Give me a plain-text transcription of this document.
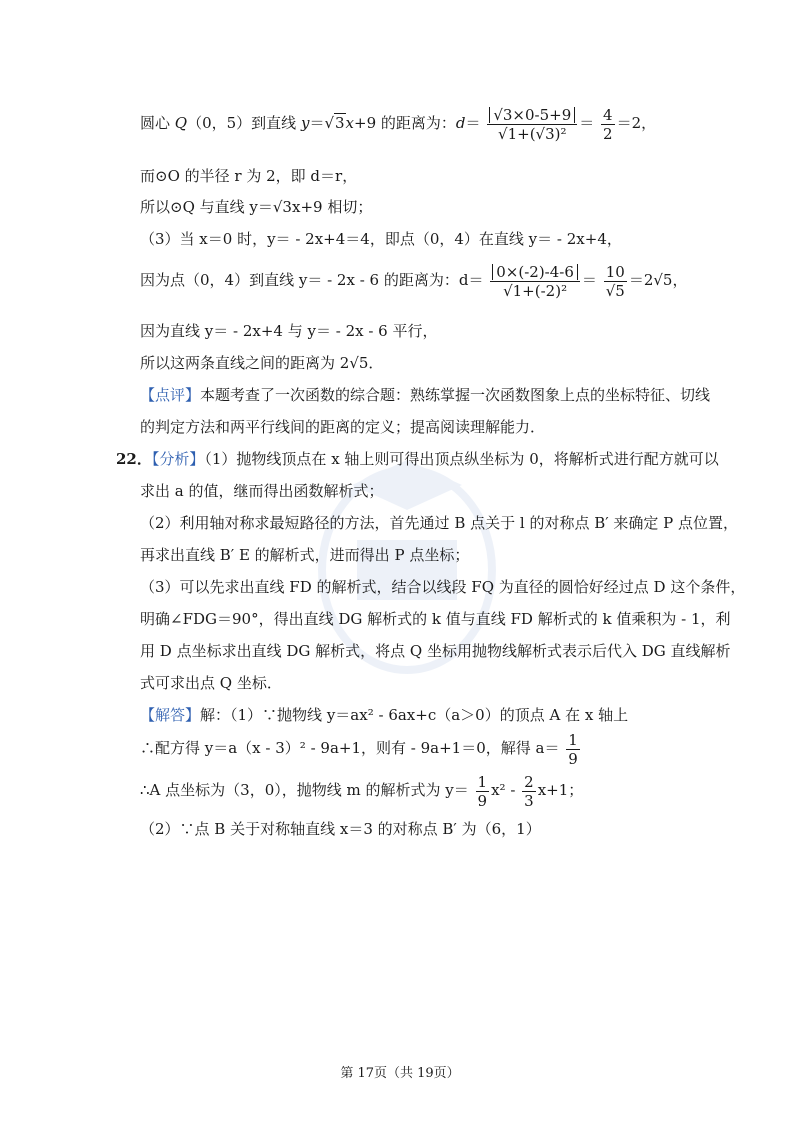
圆心 Q（0，5）到直线 y＝√3x+9 的距离为：$d= \frac{√3\times 0-5+9}{\text{√1+(√3)²}} = \frac{4}{2} =2$，
而⊙O 的半径 r 为 2，即 d＝r，
所以⊙Q 与直线 y＝√3x+9 相切；
（3）当 x＝0 时，y＝ - 2x+4＝4，即点（0，4）在直线 y＝ - 2x+4，
因为点（0，4）到直线 y＝ - 2x - 6 的距离为：$d= \frac{0\times(-2)-4-6}{\text{√1+(-2)²}} = \frac{10}{√5} =2√5$，
因为直线 y＝ - 2x+4 与 y＝ - 2x - 6 平行，
所以这两条直线之间的距离为 2√5．
【点评】本题考查了一次函数的综合题：熟练掌握一次函数图象上点的坐标特征、切线
的判定方法和两平行线间的距离的定义；提高阅读理解能力．
22．【分析】（1）抛物线顶点在 x 轴上则可得出顶点纵坐标为 0，将解析式进行配方就可以
求出 a 的值，继而得出函数解析式；
（2）利用轴对称求最短路径的方法，首先通过 B 点关于 l 的对称点 B′ 来确定 P 点位置，
再求出直线 B′ E 的解析式，进而得出 P 点坐标；
（3）可以先求出直线 FD 的解析式，结合以线段 FQ 为直径的圆恰好经过点 D 这个条件，
明确∠FDG＝90°，得出直线 DG 解析式的 k 值与直线 FD 解析式的 k 值乘积为 - 1，利
用 D 点坐标求出直线 DG 解析式，将点 Q 坐标用抛物线解析式表示后代入 DG 直线解析
式可求出点 Q 坐标．
【解答】解：（1）∵抛物线 y＝ax² - 6ax+c（a＞0）的顶点 A 在 x 轴上
∴配方得 y＝a（x - 3）² - 9a+1，则有 - 9a+1＝0，解得 $a= \frac{1}{9}$
∴A 点坐标为（3，0），抛物线 m 的解析式为 $y= \frac{1}{9} x^2 - \frac{2}{3} x+1$；
（2）∵点 B 关于对称轴直线 x＝3 的对称点 B′ 为（6，1）
第 17页（共 19页）
